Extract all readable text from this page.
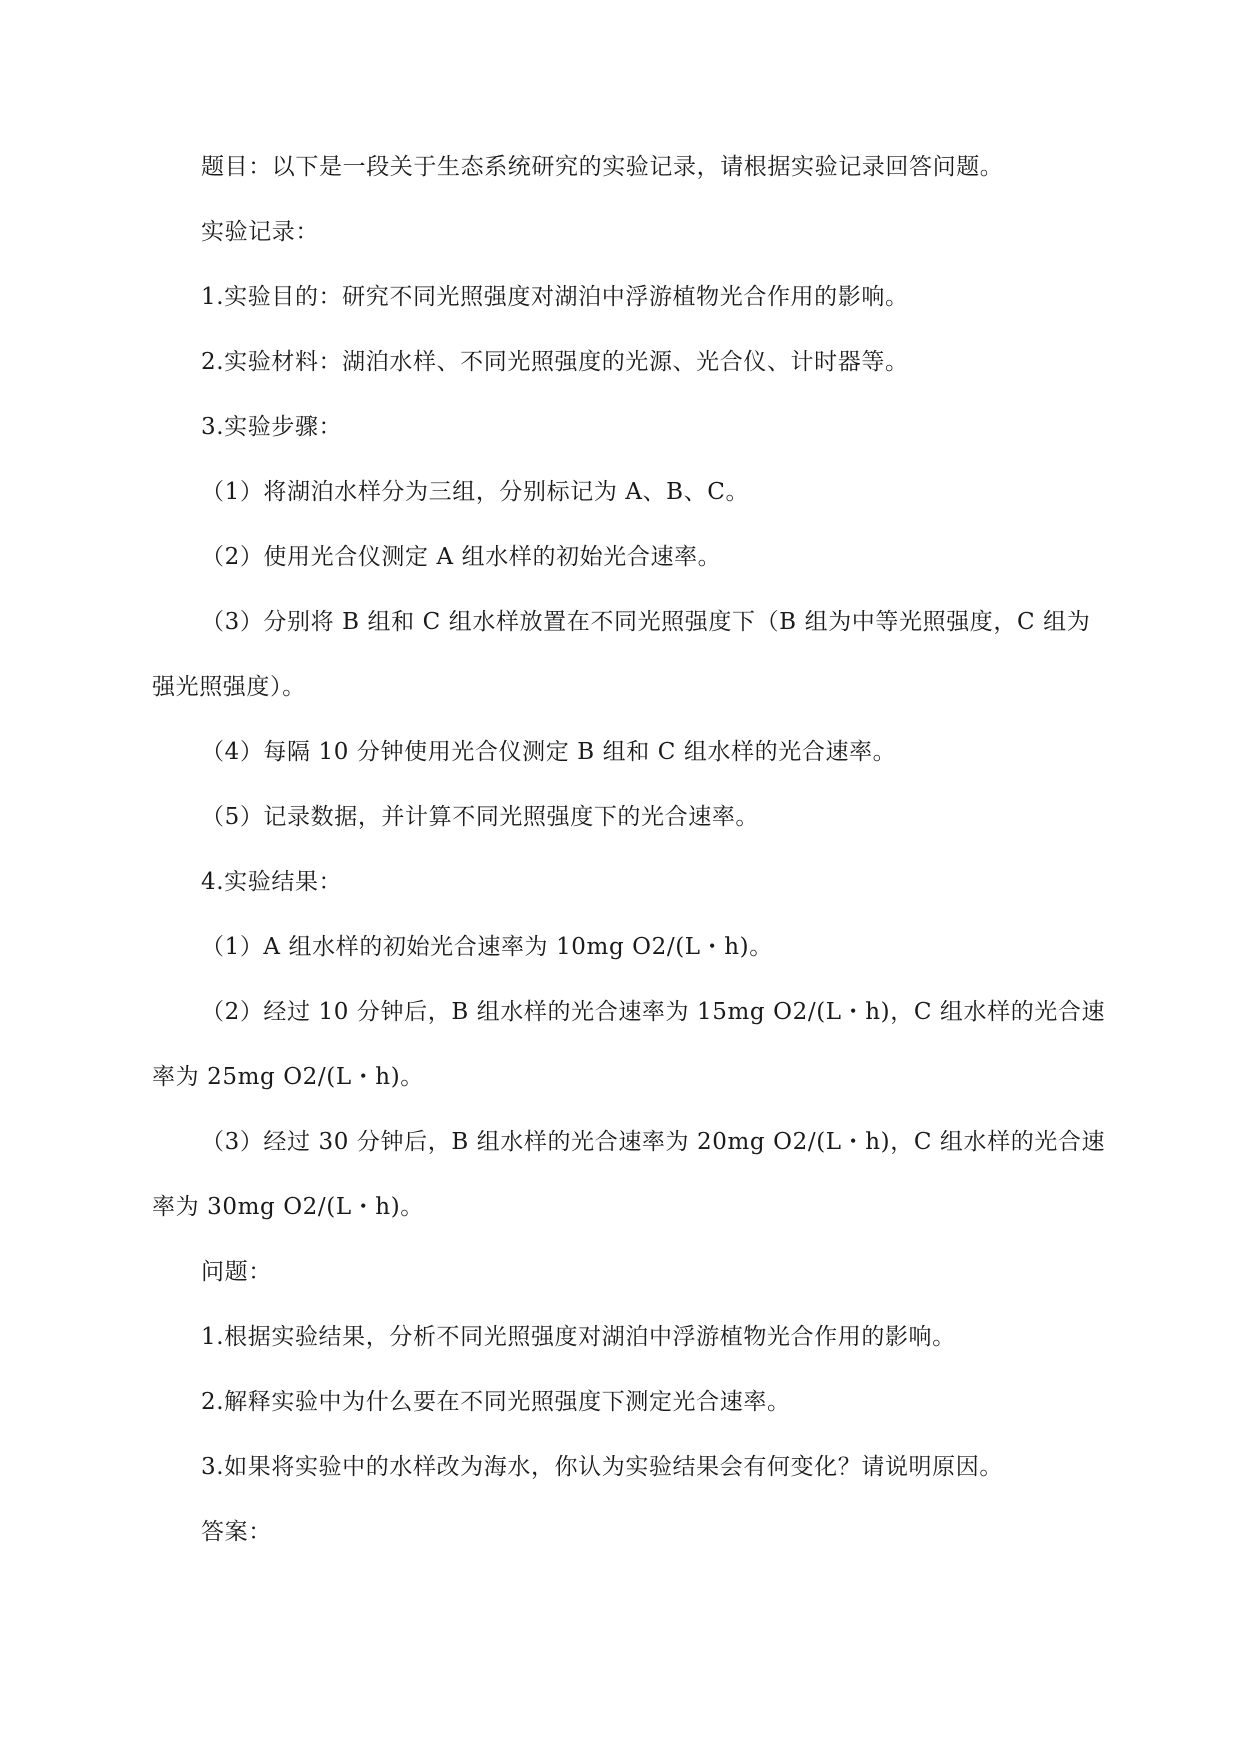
题目：以下是一段关于生态系统研究的实验记录，请根据实验记录回答问题。

实验记录：

1.实验目的：研究不同光照强度对湖泊中浮游植物光合作用的影响。

2.实验材料：湖泊水样、不同光照强度的光源、光合仪、计时器等。

3.实验步骤：

（1）将湖泊水样分为三组，分别标记为 A、B、C。

（2）使用光合仪测定 A 组水样的初始光合速率。

（3）分别将 B 组和 C 组水样放置在不同光照强度下（B 组为中等光照强度，C 组为

强光照强度）。

（4）每隔 10 分钟使用光合仪测定 B 组和 C 组水样的光合速率。

（5）记录数据，并计算不同光照强度下的光合速率。

4.实验结果：

（1）A 组水样的初始光合速率为 10mg O2/(L・h)。

（2）经过 10 分钟后，B 组水样的光合速率为 15mg O2/(L・h)，C 组水样的光合速

率为 25mg O2/(L・h)。

（3）经过 30 分钟后，B 组水样的光合速率为 20mg O2/(L・h)，C 组水样的光合速

率为 30mg O2/(L・h)。

问题：

1.根据实验结果，分析不同光照强度对湖泊中浮游植物光合作用的影响。

2.解释实验中为什么要在不同光照强度下测定光合速率。

3.如果将实验中的水样改为海水，你认为实验结果会有何变化？请说明原因。

答案：
